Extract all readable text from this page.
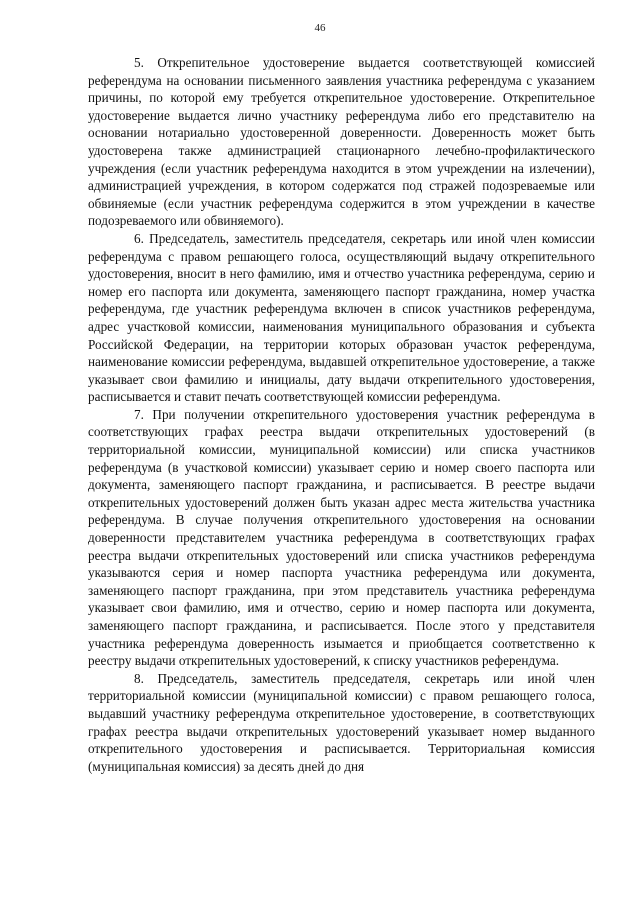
46

5. Открепительное удостоверение выдается соответствующей комиссией референдума на основании письменного заявления участника референдума с указанием причины, по которой ему требуется открепительное удостоверение. Открепительное удостоверение выдается лично участнику референдума либо его представителю на основании нотариально удостоверенной доверенности. Доверенность может быть удостоверена также администрацией стационарного лечебно-профилактического учреждения (если участник референдума находится в этом учреждении на излечении), администрацией учреждения, в котором содержатся под стражей подозреваемые или обвиняемые (если участник референдума содержится в этом учреждении в качестве подозреваемого или обвиняемого).

6. Председатель, заместитель председателя, секретарь или иной член комиссии референдума с правом решающего голоса, осуществляющий выдачу открепительного удостоверения, вносит в него фамилию, имя и отчество участника референдума, серию и номер его паспорта или документа, заменяющего паспорт гражданина, номер участка референдума, где участник референдума включен в список участников референдума, адрес участковой комиссии, наименования муниципального образования и субъекта Российской Федерации, на территории которых образован участок референдума, наименование комиссии референдума, выдавшей открепительное удостоверение, а также указывает свои фамилию и инициалы, дату выдачи открепительного удостоверения, расписывается и ставит печать соответствующей комиссии референдума.

7. При получении открепительного удостоверения участник референдума в соответствующих графах реестра выдачи открепительных удостоверений (в территориальной комиссии, муниципальной комиссии) или списка участников референдума (в участковой комиссии) указывает серию и номер своего паспорта или документа, заменяющего паспорт гражданина, и расписывается. В реестре выдачи открепительных удостоверений должен быть указан адрес места жительства участника референдума. В случае получения открепительного удостоверения на основании доверенности представителем участника референдума в соответствующих графах реестра выдачи открепительных удостоверений или списка участников референдума указываются серия и номер паспорта участника референдума или документа, заменяющего паспорт гражданина, при этом представитель участника референдума указывает свои фамилию, имя и отчество, серию и номер паспорта или документа, заменяющего паспорт гражданина, и расписывается. После этого у представителя участника референдума доверенность изымается и приобщается соответственно к реестру выдачи открепительных удостоверений, к списку участников референдума.

8. Председатель, заместитель председателя, секретарь или иной член территориальной комиссии (муниципальной комиссии) с правом решающего голоса, выдавший участнику референдума открепительное удостоверение, в соответствующих графах реестра выдачи открепительных удостоверений указывает номер выданного открепительного удостоверения и расписывается. Территориальная комиссия (муниципальная комиссия) за десять дней до дня
